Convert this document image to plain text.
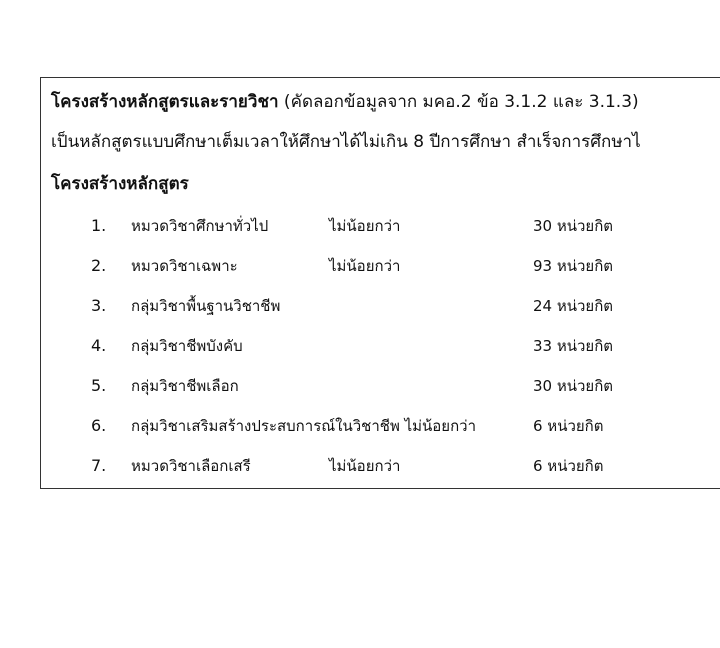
โครงสร้างหลักสูตรและรายวิชา (คัดลอกข้อมูลจาก มคอ.2 ข้อ 3.1.2 และ 3.1.3)
เป็นหลักสูตรแบบศึกษาเต็มเวลาให้ศึกษาได้ไม่เกิน 8 ปีการศึกษา สำเร็จการศึกษาไ
โครงสร้างหลักสูตร
1. หมวดวิชาศึกษาทั่วไป	ไม่น้อยกว่า	30 หน่วยกิต
2. หมวดวิชาเฉพาะ	ไม่น้อยกว่า	93 หน่วยกิต
3. กลุ่มวิชาพื้นฐานวิชาชีพ	24 หน่วยกิต
4. กลุ่มวิชาชีพบังคับ	33 หน่วยกิต
5. กลุ่มวิชาชีพเลือก	30 หน่วยกิต
6. กลุ่มวิชาเสริมสร้างประสบการณ์ในวิชาชีพ ไม่น้อยกว่า	6 หน่วยกิต
7. หมวดวิชาเลือกเสรี	ไม่น้อยกว่า	6 หน่วยกิต
